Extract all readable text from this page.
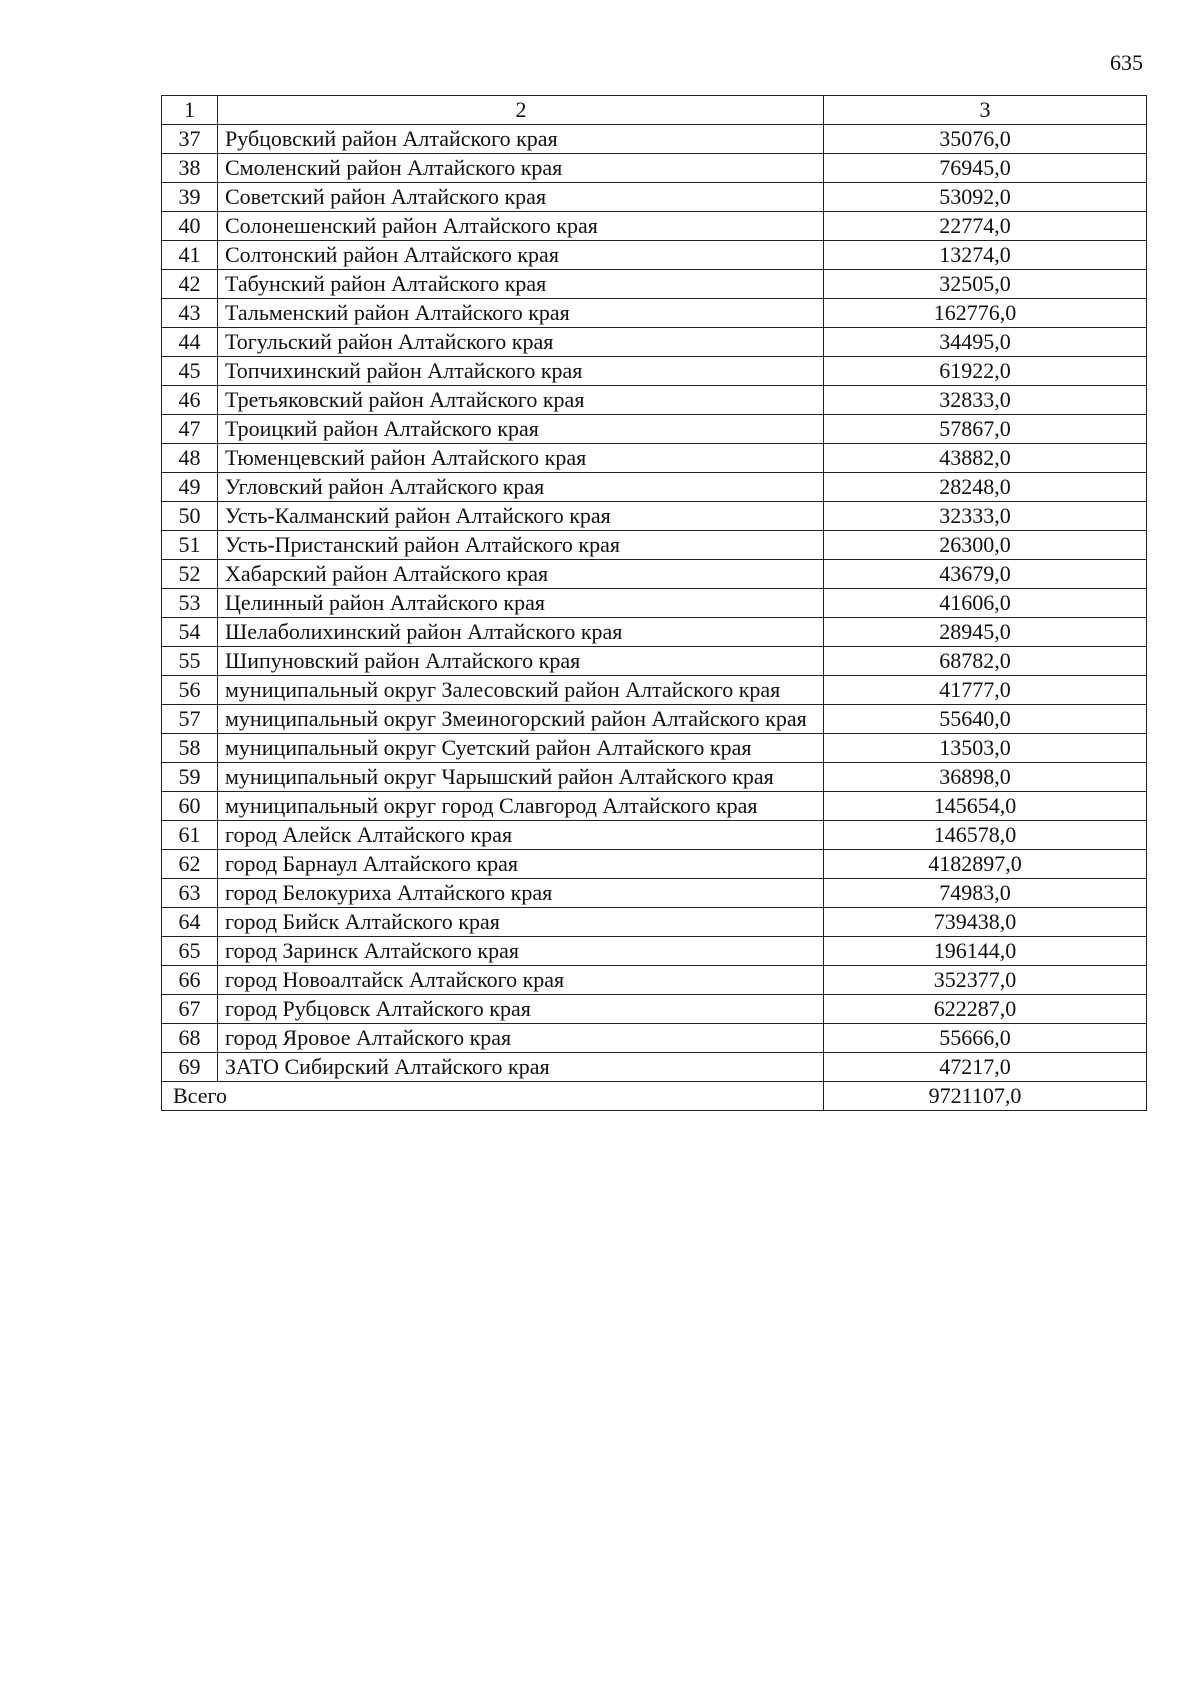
635
1	2	3
37	Рубцовский район Алтайского края	35076,0
38	Смоленский район Алтайского края	76945,0
39	Советский район Алтайского края	53092,0
40	Солонешенский район Алтайского края	22774,0
41	Солтонский район Алтайского края	13274,0
42	Табунский район Алтайского края	32505,0
43	Тальменский район Алтайского края	162776,0
44	Тогульский район Алтайского края	34495,0
45	Топчихинский район Алтайского края	61922,0
46	Третьяковский район Алтайского края	32833,0
47	Троицкий район Алтайского края	57867,0
48	Тюменцевский район Алтайского края	43882,0
49	Угловский район Алтайского края	28248,0
50	Усть-Калманский район Алтайского края	32333,0
51	Усть-Пристанский район Алтайского края	26300,0
52	Хабарский район Алтайского края	43679,0
53	Целинный район Алтайского края	41606,0
54	Шелаболихинский район Алтайского края	28945,0
55	Шипуновский район Алтайского края	68782,0
56	муниципальный округ Залесовский район Алтайского края	41777,0
57	муниципальный округ Змеиногорский район Алтайского края	55640,0
58	муниципальный округ Суетский район Алтайского края	13503,0
59	муниципальный округ Чарышский район Алтайского края	36898,0
60	муниципальный округ город Славгород Алтайского края	145654,0
61	город Алейск Алтайского края	146578,0
62	город Барнаул Алтайского края	4182897,0
63	город Белокуриха Алтайского края	74983,0
64	город Бийск Алтайского края	739438,0
65	город Заринск Алтайского края	196144,0
66	город Новоалтайск Алтайского края	352377,0
67	город Рубцовск Алтайского края	622287,0
68	город Яровое Алтайского края	55666,0
69	ЗАТО Сибирский Алтайского края	47217,0
Всего		9721107,0
